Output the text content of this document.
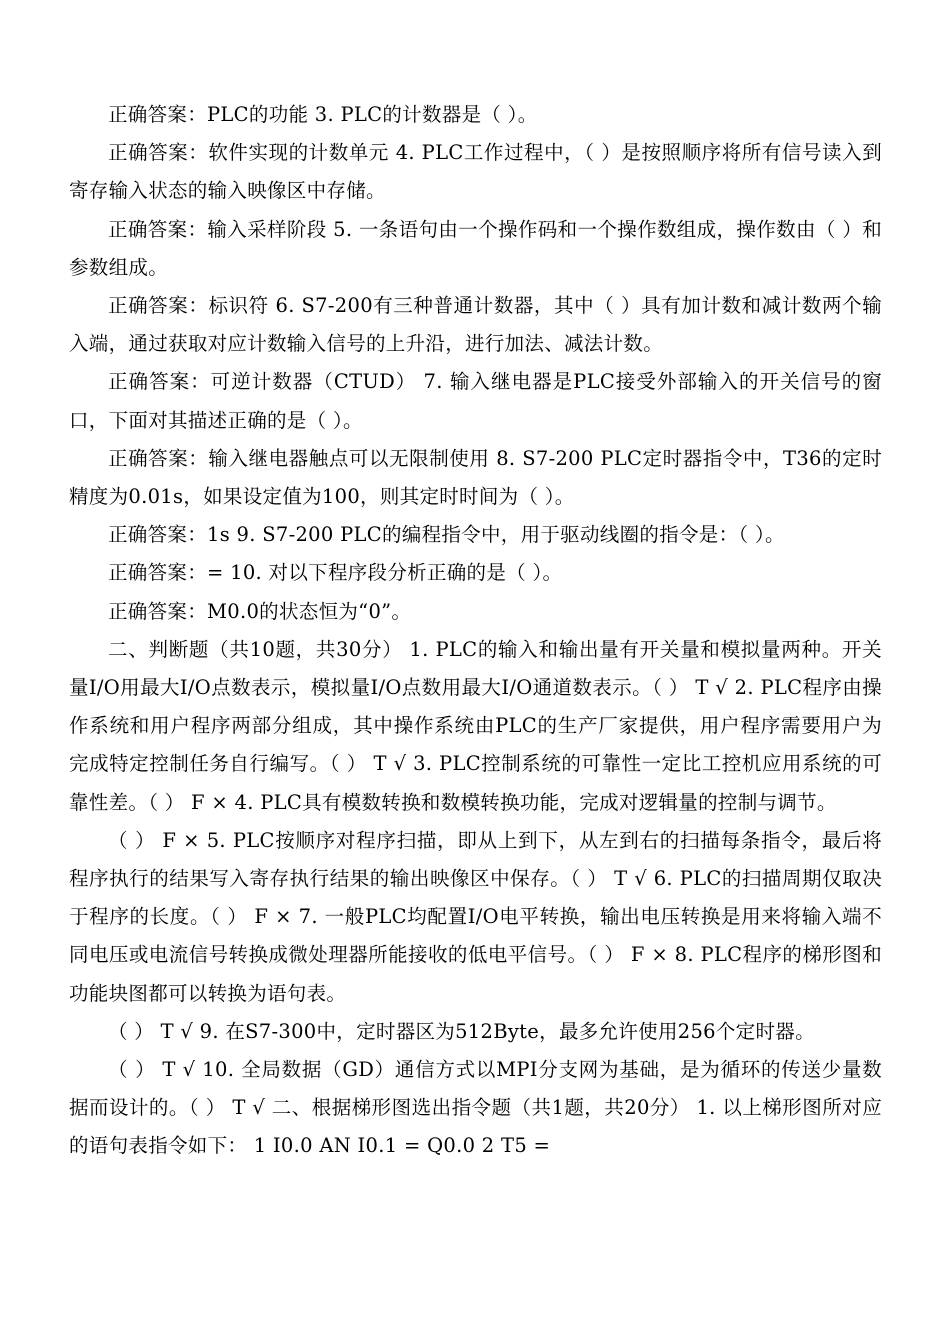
正确答案：PLC的功能 3. PLC的计数器是（ ）。

正确答案：软件实现的计数单元 4. PLC工作过程中，（ ）是按照顺序将所有信号读入到寄存输入状态的输入映像区中存储。

正确答案：输入采样阶段 5. 一条语句由一个操作码和一个操作数组成，操作数由（ ）和参数组成。

正确答案：标识符 6. S7-200有三种普通计数器，其中（ ）具有加计数和减计数两个输入端，通过获取对应计数输入信号的上升沿，进行加法、减法计数。

正确答案：可逆计数器（CTUD） 7. 输入继电器是PLC接受外部输入的开关信号的窗口，下面对其描述正确的是（ ）。

正确答案：输入继电器触点可以无限制使用 8. S7-200 PLC定时器指令中，T36的定时精度为0.01s，如果设定值为100，则其定时时间为（ ）。

正确答案：1s 9. S7-200 PLC的编程指令中，用于驱动线圈的指令是：（ ）。

正确答案：= 10. 对以下程序段分析正确的是（ ）。

正确答案：M0.0的状态恒为“0”。

二、判断题（共10题，共30分） 1. PLC的输入和输出量有开关量和模拟量两种。开关量I/O用最大I/O点数表示，模拟量I/O点数用最大I/O通道数表示。（ ） T √ 2. PLC程序由操作系统和用户程序两部分组成，其中操作系统由PLC的生产厂家提供，用户程序需要用户为完成特定控制任务自行编写。（ ） T √ 3. PLC控制系统的可靠性一定比工控机应用系统的可靠性差。（ ） F × 4. PLC具有模数转换和数模转换功能，完成对逻辑量的控制与调节。

（ ） F × 5. PLC按顺序对程序扫描，即从上到下，从左到右的扫描每条指令，最后将程序执行的结果写入寄存执行结果的输出映像区中保存。（ ） T √ 6. PLC的扫描周期仅取决于程序的长度。（ ） F × 7. 一般PLC均配置I/O电平转换，输出电压转换是用来将输入端不同电压或电流信号转换成微处理器所能接收的低电平信号。（ ） F × 8. PLC程序的梯形图和功能块图都可以转换为语句表。

（ ） T √ 9. 在S7-300中，定时器区为512Byte，最多允许使用256个定时器。

（ ） T √ 10. 全局数据（GD）通信方式以MPI分支网为基础，是为循环的传送少量数据而设计的。（ ） T √ 二、根据梯形图选出指令题（共1题，共20分） 1. 以上梯形图所对应的语句表指令如下： 1 I0.0 AN I0.1 = Q0.0 2 T5 =
